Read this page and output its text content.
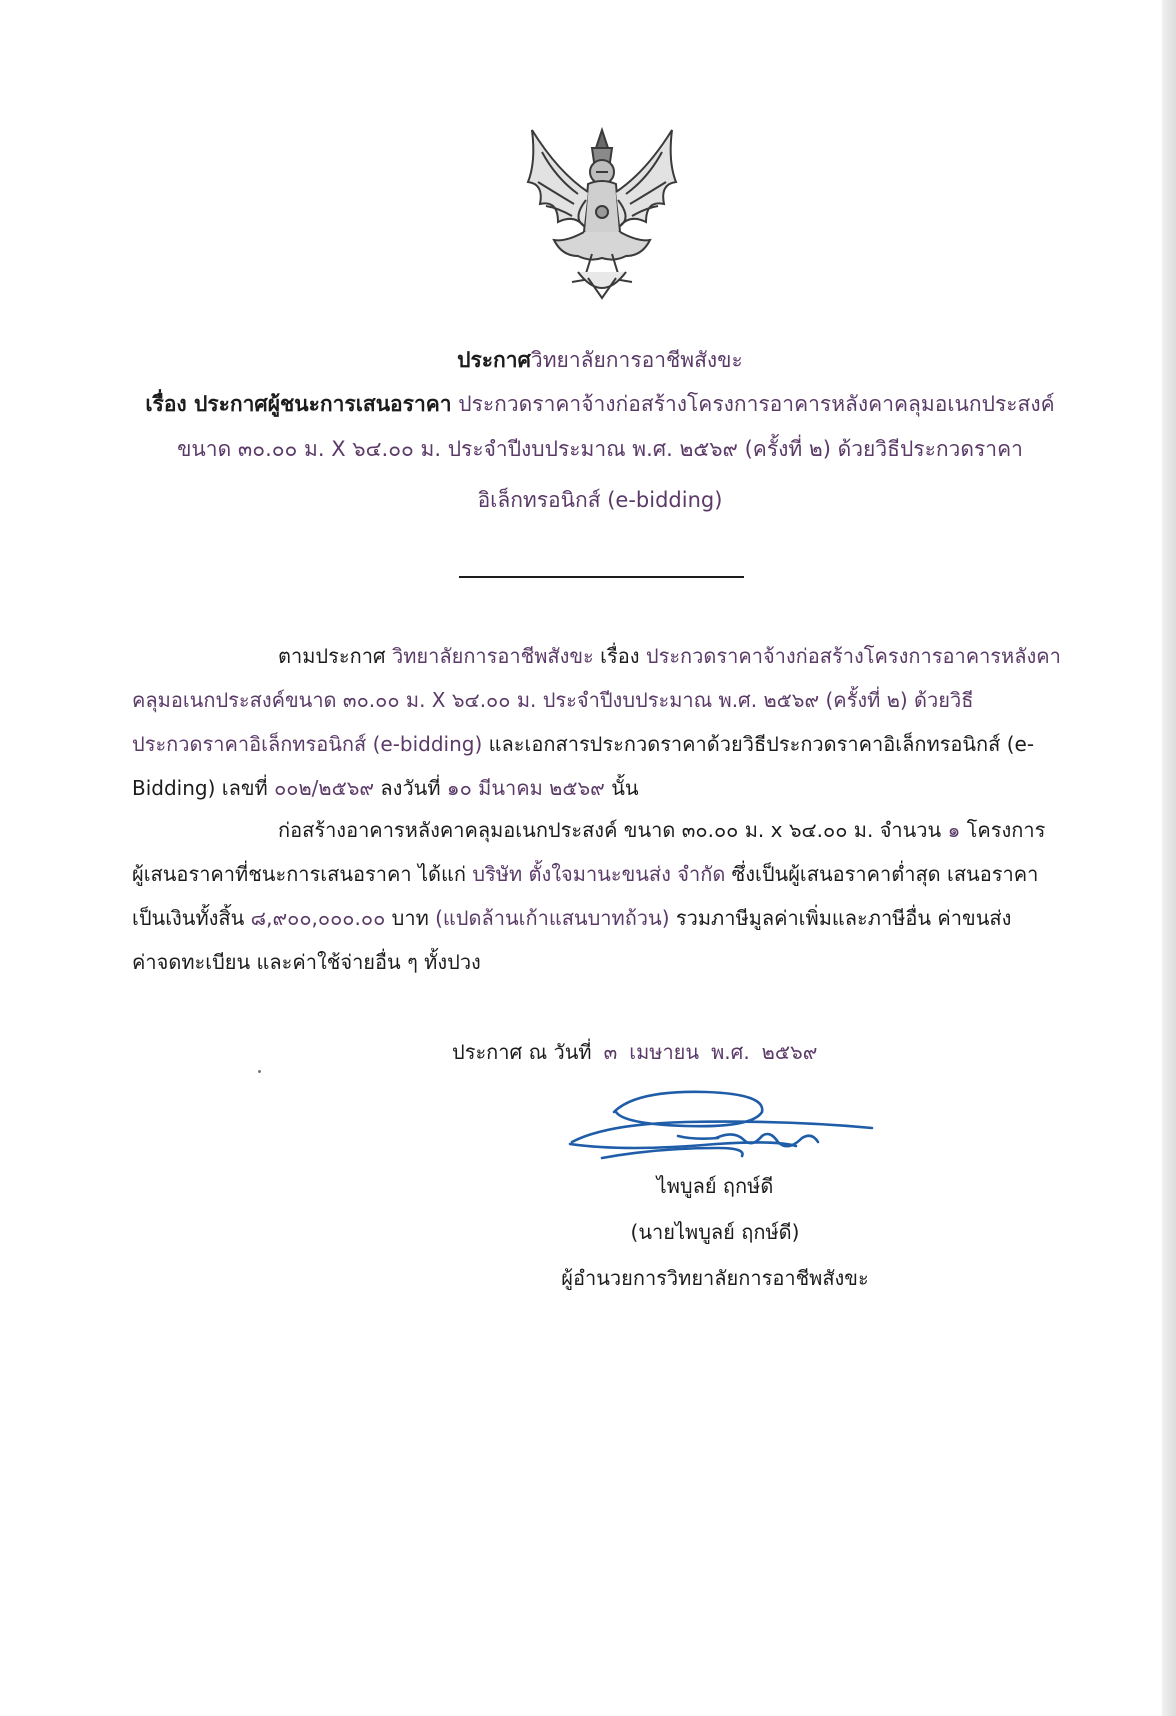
ประกาศวิทยาลัยการอาชีพสังขะ
เรื่อง ประกาศผู้ชนะการเสนอราคา ประกวดราคาจ้างก่อสร้างโครงการอาคารหลังคาคลุมอเนกประสงค์
ขนาด ๓๐.๐๐ ม. X ๖๔.๐๐ ม. ประจำปีงบประมาณ พ.ศ. ๒๕๖๙ (ครั้งที่ ๒) ด้วยวิธีประกวดราคา
อิเล็กทรอนิกส์ (e-bidding)
ตามประกาศ วิทยาลัยการอาชีพสังขะ เรื่อง ประกวดราคาจ้างก่อสร้างโครงการอาคารหลังคา
คลุมอเนกประสงค์ขนาด ๓๐.๐๐ ม. X ๖๔.๐๐ ม. ประจำปีงบประมาณ พ.ศ. ๒๕๖๙ (ครั้งที่ ๒) ด้วยวิธี
ประกวดราคาอิเล็กทรอนิกส์ (e-bidding) และเอกสารประกวดราคาด้วยวิธีประกวดราคาอิเล็กทรอนิกส์ (e-
Bidding) เลขที่ ๐๐๒/๒๕๖๙ ลงวันที่ ๑๐ มีนาคม ๒๕๖๙ นั้น
ก่อสร้างอาคารหลังคาคลุมอเนกประสงค์ ขนาด ๓๐.๐๐ ม. x ๖๔.๐๐ ม. จำนวน ๑ โครงการ
ผู้เสนอราคาที่ชนะการเสนอราคา ได้แก่ บริษัท ตั้งใจมานะขนส่ง จำกัด ซึ่งเป็นผู้เสนอราคาต่ำสุด เสนอราคา
เป็นเงินทั้งสิ้น ๘,๙๐๐,๐๐๐.๐๐ บาท (แปดล้านเก้าแสนบาทถ้วน) รวมภาษีมูลค่าเพิ่มและภาษีอื่น ค่าขนส่ง
ค่าจดทะเบียน และค่าใช้จ่ายอื่น ๆ ทั้งปวง
ประกาศ ณ วันที่ ๓ เมษายน พ.ศ. ๒๕๖๙
ไพบูลย์ ฤกษ์ดี
(นายไพบูลย์ ฤกษ์ดี)
ผู้อำนวยการวิทยาลัยการอาชีพสังขะ
